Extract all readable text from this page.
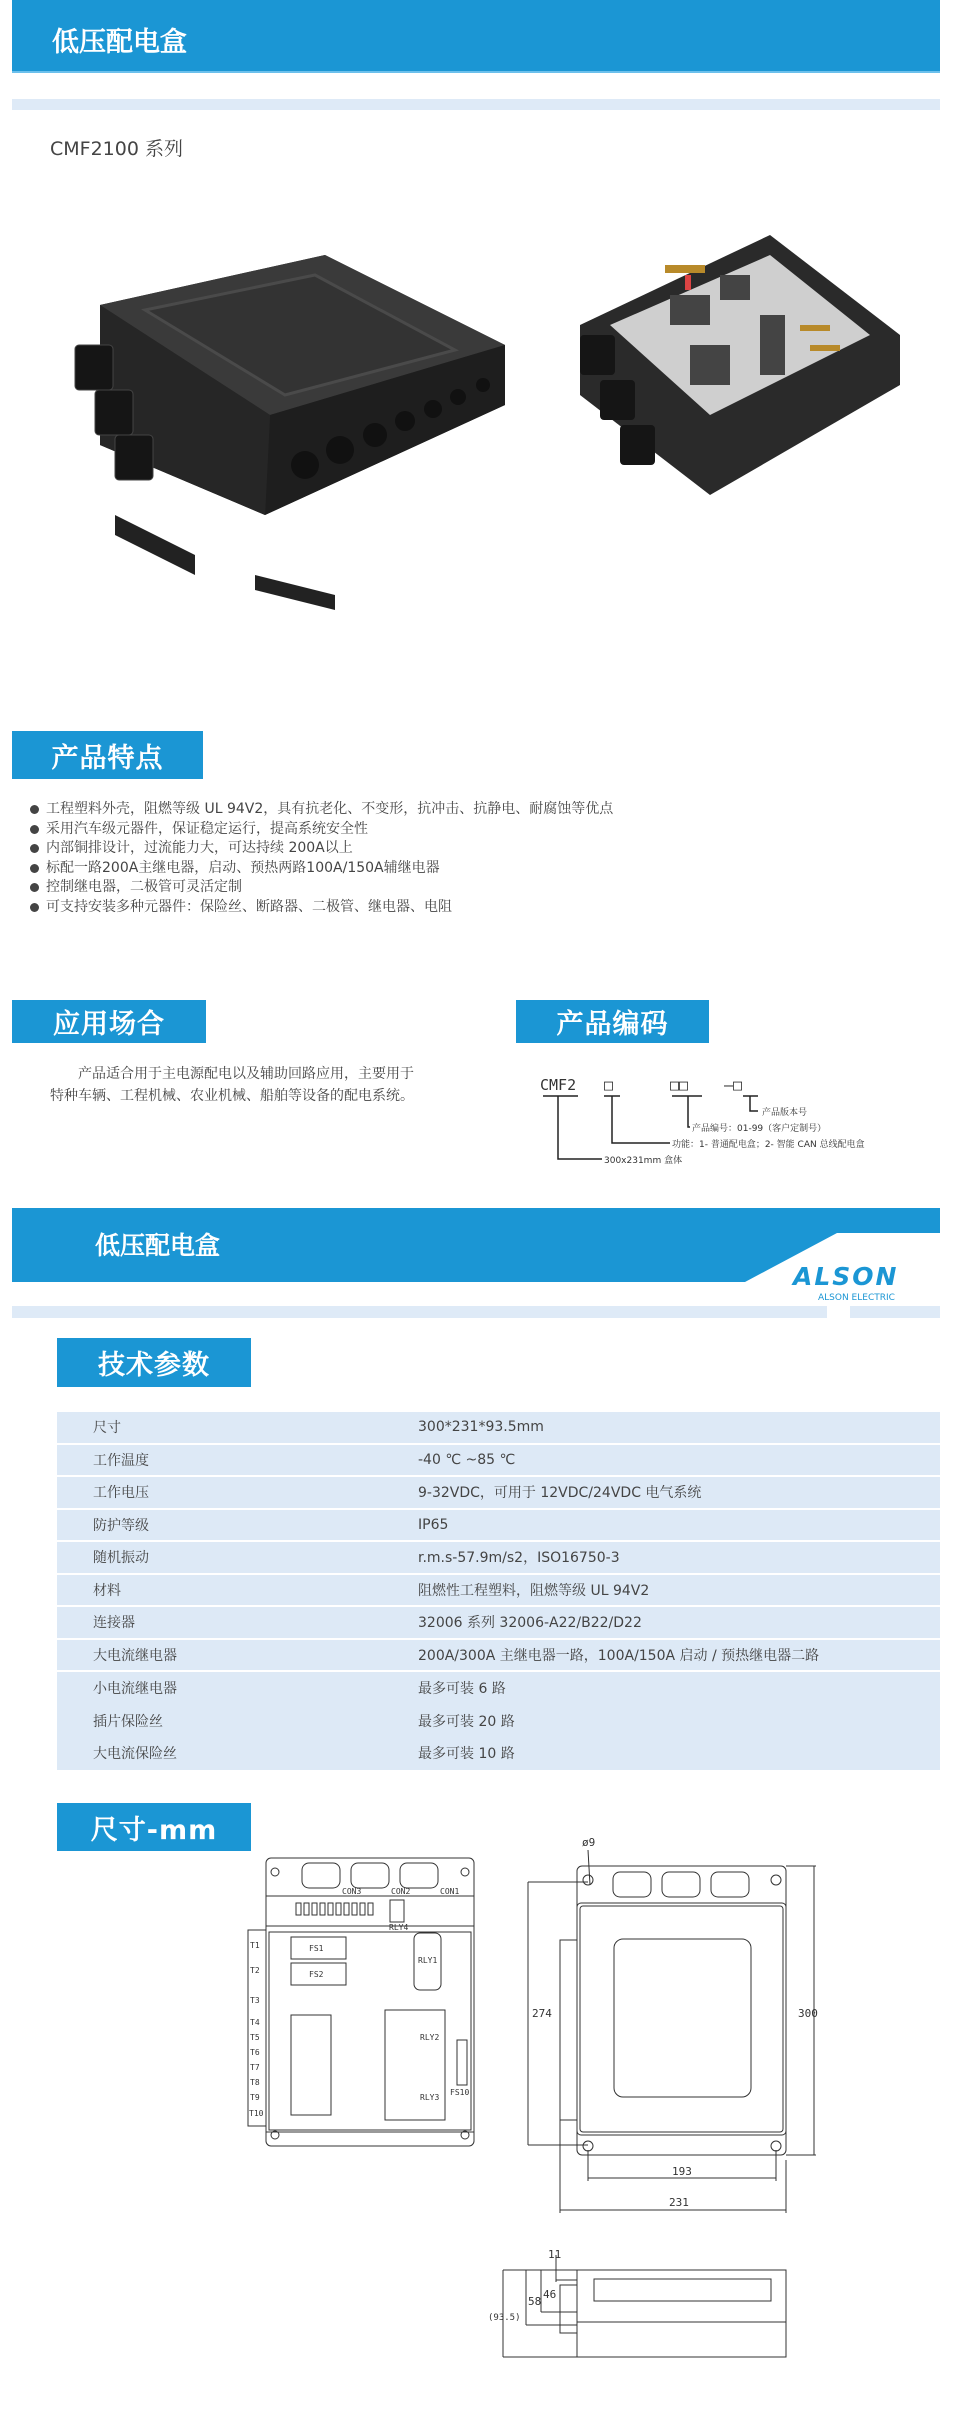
低压配电盒
CMF2100 系列
产品特点
工程塑料外壳，阻燃等级 UL 94V2，具有抗老化、不变形，抗冲击、抗静电、耐腐蚀等优点
采用汽车级元器件，保证稳定运行，提高系统安全性
内部铜排设计，过流能力大，可达持续 200A以上
标配一路200A主继电器，启动、预热两路100A/150A辅继电器
控制继电器，二极管可灵活定制
可支持安装多种元器件：保险丝、断路器、二极管、继电器、电阻
应用场合

产品适合用于主电源配电以及辅助回路应用，主要用于特种车辆、工程机械、农业机械、船舶等设备的配电系统。

产品编码
CMF2 □	□□ —□
产品版本号
产品编号：01-99（客户定制号）
功能：1- 普通配电盒；2- 智能 CAN 总线配电盒
300x231mm 盒体
低压配电盒
ALSON
ALSON ELECTRIC
技术参数
尺寸	300*231*93.5mm
工作温度	-40 ℃ ~85 ℃
工作电压	9-32VDC，可用于 12VDC/24VDC 电气系统
防护等级	IP65
随机振动	r.m.s-57.9m/s2，ISO16750-3
材料	阻燃性工程塑料，阻燃等级 UL 94V2
连接器	32006 系列 32006-A22/B22/D22
大电流继电器	200A/300A 主继电器一路，100A/150A 启动 / 预热继电器二路
小电流继电器	最多可装 6 路
插片保险丝	最多可装 20 路
大电流保险丝	最多可装 10 路
尺寸-mm
CON3	CON2	CON1
FS1
FS2
RLY1
RLY4
RLY2
RLY3
FS10
T1
T2
T3
T4
T5
T6
T7
T8
T9
T10
ø9
274	300
193
231
11
46
58
(93.5)
